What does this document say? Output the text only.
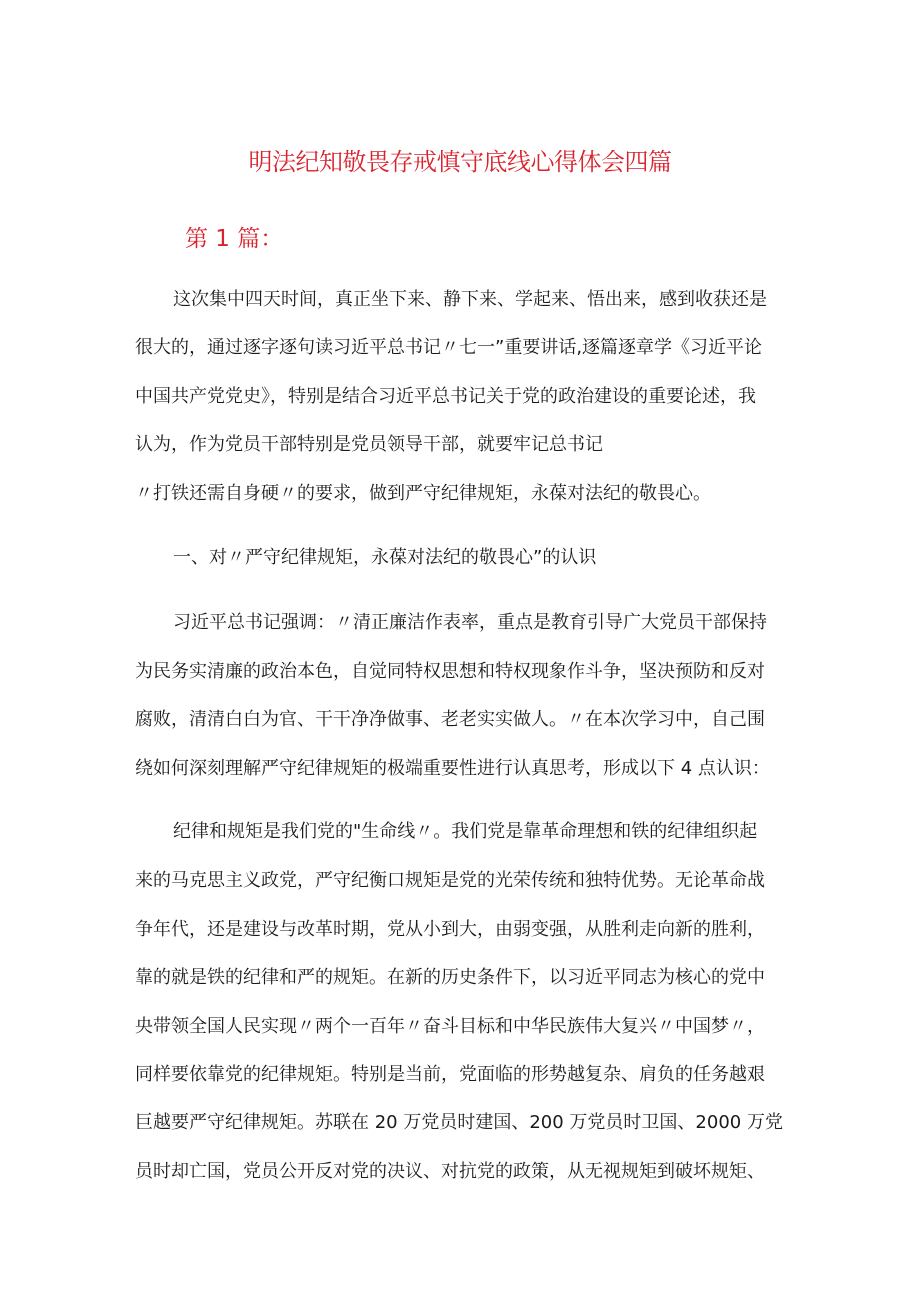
明法纪知敬畏存戒慎守底线心得体会四篇
第 1 篇：
这次集中四天时间，真正坐下来、静下来、学起来、悟出来，感到收获还是
很大的，通过逐字逐句读习近平总书记〃七一”重要讲话,逐篇逐章学《习近平论
中国共产党党史》，特别是结合习近平总书记关于党的政治建设的重要论述，我
认为，作为党员干部特别是党员领导干部，就要牢记总书记
〃打铁还需自身硬〃的要求，做到严守纪律规矩，永葆对法纪的敬畏心。
一、对〃严守纪律规矩，永葆对法纪的敬畏心”的认识
习近平总书记强调：〃清正廉洁作表率，重点是教育引导广大党员干部保持
为民务实清廉的政治本色，自觉同特权思想和特权现象作斗争，坚决预防和反对
腐败，清清白白为官、干干净净做事、老老实实做人。〃在本次学习中，自己围
绕如何深刻理解严守纪律规矩的极端重要性进行认真思考，形成以下 4 点认识：
纪律和规矩是我们党的"生命线〃。我们党是靠革命理想和铁的纪律组织起
来的马克思主义政党，严守纪衡口规矩是党的光荣传统和独特优势。无论革命战
争年代，还是建设与改革时期，党从小到大，由弱变强，从胜利走向新的胜利，
靠的就是铁的纪律和严的规矩。在新的历史条件下，以习近平同志为核心的党中
央带领全国人民实现〃两个一百年〃奋斗目标和中华民族伟大复兴〃中国梦〃，
同样要依靠党的纪律规矩。特别是当前，党面临的形势越复杂、肩负的任务越艰
巨越要严守纪律规矩。苏联在 20 万党员时建国、200 万党员时卫国、2000 万党
员时却亡国，党员公开反对党的决议、对抗党的政策，从无视规矩到破坏规矩、
